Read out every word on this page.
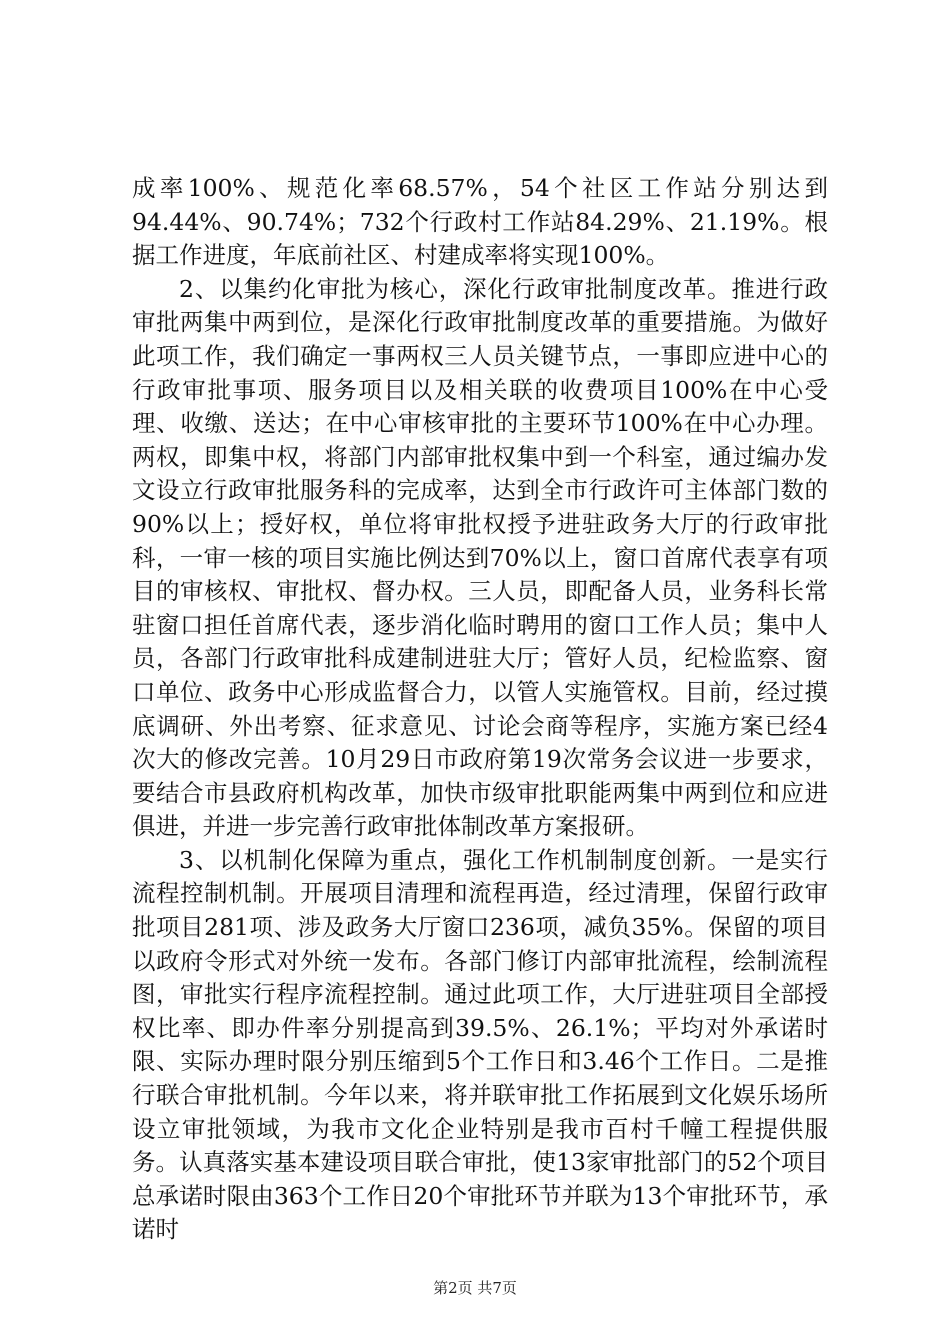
成率100%、规范化率68.57%，54个社区工作站分别达到94.44%、90.74%；732个行政村工作站84.29%、21.19%。根据工作进度，年底前社区、村建成率将实现100%。

2、以集约化审批为核心，深化行政审批制度改革。推进行政审批两集中两到位，是深化行政审批制度改革的重要措施。为做好此项工作，我们确定一事两权三人员关键节点，一事即应进中心的行政审批事项、服务项目以及相关联的收费项目100%在中心受理、收缴、送达；在中心审核审批的主要环节100%在中心办理。两权，即集中权，将部门内部审批权集中到一个科室，通过编办发文设立行政审批服务科的完成率，达到全市行政许可主体部门数的90%以上；授好权，单位将审批权授予进驻政务大厅的行政审批科，一审一核的项目实施比例达到70%以上，窗口首席代表享有项目的审核权、审批权、督办权。三人员，即配备人员，业务科长常驻窗口担任首席代表，逐步消化临时聘用的窗口工作人员；集中人员，各部门行政审批科成建制进驻大厅；管好人员，纪检监察、窗口单位、政务中心形成监督合力，以管人实施管权。目前，经过摸底调研、外出考察、征求意见、讨论会商等程序，实施方案已经4次大的修改完善。10月29日市政府第19次常务会议进一步要求，要结合市县政府机构改革，加快市级审批职能两集中两到位和应进俱进，并进一步完善行政审批体制改革方案报研。

3、以机制化保障为重点，强化工作机制制度创新。一是实行流程控制机制。开展项目清理和流程再造，经过清理，保留行政审批项目281项、涉及政务大厅窗口236项，减负35%。保留的项目以政府令形式对外统一发布。各部门修订内部审批流程，绘制流程图，审批实行程序流程控制。通过此项工作，大厅进驻项目全部授权比率、即办件率分别提高到39.5%、26.1%；平均对外承诺时限、实际办理时限分别压缩到5个工作日和3.46个工作日。二是推行联合审批机制。今年以来，将并联审批工作拓展到文化娱乐场所设立审批领域，为我市文化企业特别是我市百村千幢工程提供服务。认真落实基本建设项目联合审批，使13家审批部门的52个项目总承诺时限由363个工作日20个审批环节并联为13个审批环节，承诺时

第2页 共7页
